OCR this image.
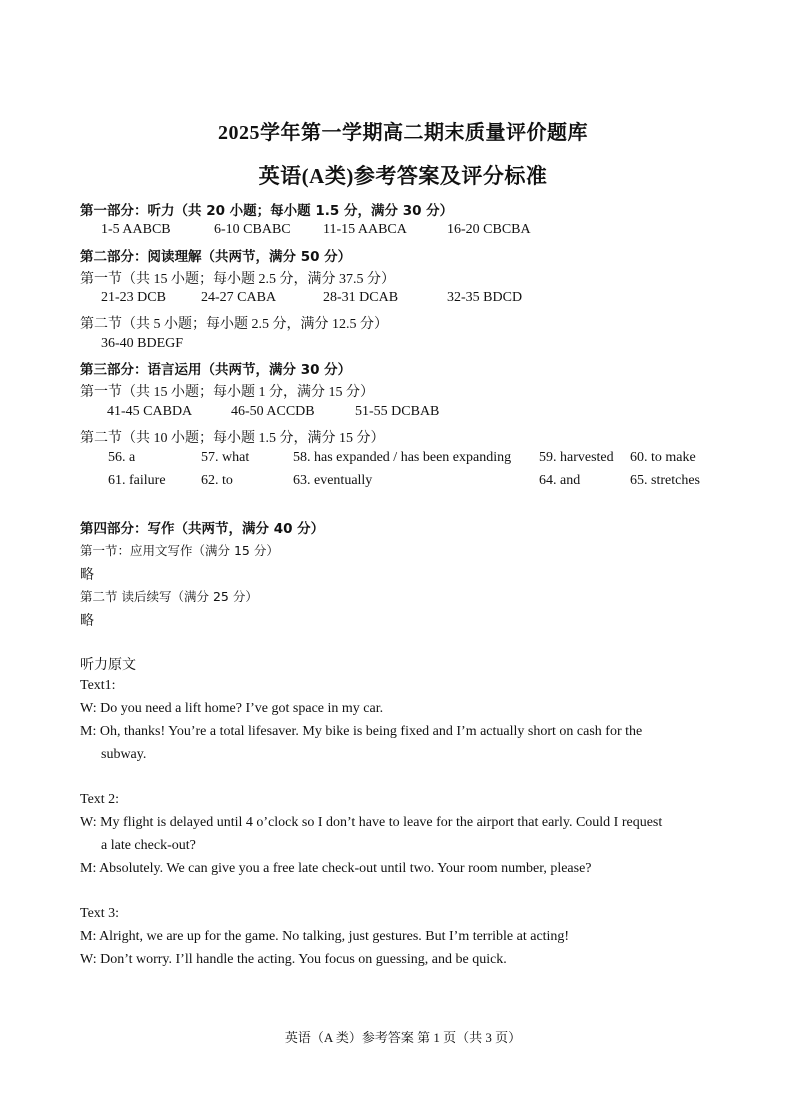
2025学年第一学期高二期末质量评价题库
英语(A类)参考答案及评分标准
第一部分：听力（共 20 小题；每小题 1.5 分，满分 30 分）
1-5 AABCB	6-10 CBABC 11-15 AABCA	16-20 CBCBA
第二部分：阅读理解（共两节，满分 50 分）
第一节（共 15 小题；每小题 2.5 分，满分 37.5 分）
21-23 DCB	24-27 CABA	28-31 DCAB	32-35 BDCD
第二节（共 5 小题；每小题 2.5 分，满分 12.5 分）
36-40 BDEGF
第三部分：语言运用（共两节，满分 30 分）
第一节（共 15 小题；每小题 1 分，满分 15 分）
41-45 CABDA	46-50 ACCDB	51-55 DCBAB
第二节（共 10 小题；每小题 1.5 分，满分 15 分）
56. a	57. what	58. has expanded / has been expanding 59. harvested 60. to make
61. failure	62. to	63. eventually	64. and	65. stretches
第四部分：写作（共两节，满分 40 分）
第一节：应用文写作（满分 15 分）
略
第二节 读后续写（满分 25 分）
略
听力原文
Text1:
W: Do you need a lift home? I’ve got space in my car.
M: Oh, thanks! You’re a total lifesaver. My bike is being fixed and I’m actually short on cash for the
subway.
Text 2:
W: My flight is delayed until 4 o’clock so I don’t have to leave for the airport that early. Could I request
a late check-out?
M: Absolutely. We can give you a free late check-out until two. Your room number, please?
Text 3:
M: Alright, we are up for the game. No talking, just gestures. But I’m terrible at acting!
W: Don’t worry. I’ll handle the acting. You focus on guessing, and be quick.
英语（A 类）参考答案 第 1 页（共 3 页）
